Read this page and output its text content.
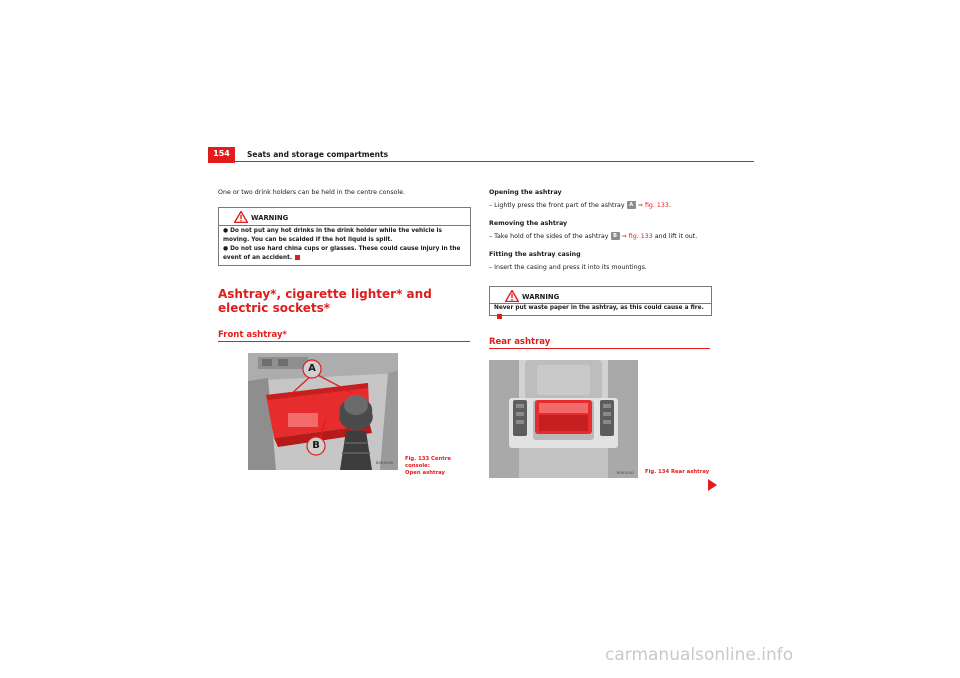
154	Seats and storage compartments
One or two drink holders can be held in the centre console.
WARNING
● Do not put any hot drinks in the drink holder while the vehicle is moving. You can be scalded if the hot liquid is spilt.
● Do not use hard china cups or glasses. These could cause injury in the event of an accident.
Ashtray*, cigarette lighter* and electric sockets*
Front ashtray*
A
B
B3R-0000
Fig. 133 Centre console:
Open ashtray
Opening the ashtray
– Lightly press the front part of the ashtray A ⇒ fig. 133.
Removing the ashtray
– Take hold of the sides of the ashtray B ⇒ fig. 133 and lift it out.
Fitting the ashtray casing
– Insert the casing and press it into its mountings.
WARNING
Never put waste paper in the ashtray, as this could cause a fire.
Rear ashtray
B3R-0001 Fig. 134 Rear ashtray
carmanualsonline.info
